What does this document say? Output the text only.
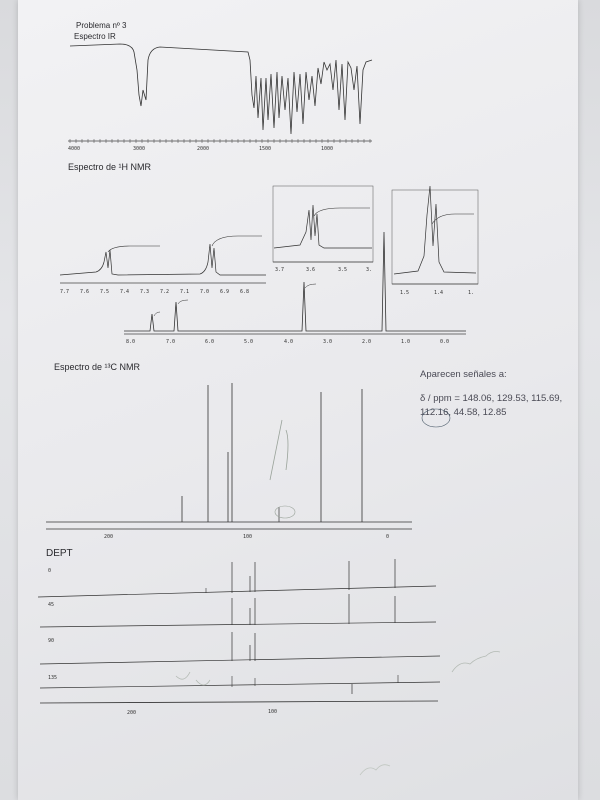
Problema nº 3
Espectro IR
4000	3000	2000	1500	1000
Espectro de ¹H NMR
7.7 7.6 7.5 7.4 7.3 7.2 7.1 7.0 6.9 6.8
3.7	3.6	3.5	3.
1.5	1.4	1.
8.0	7.0	6.0	5.0	4.0	3.0	2.0	1.0	0.0
Espectro de ¹³C NMR
Aparecen señales a:
δ / ppm = 148.06, 129.53, 115.69, 112.16, 44.58, 12.85
200	100	0
DEPT
0
45
90
135
200	100
